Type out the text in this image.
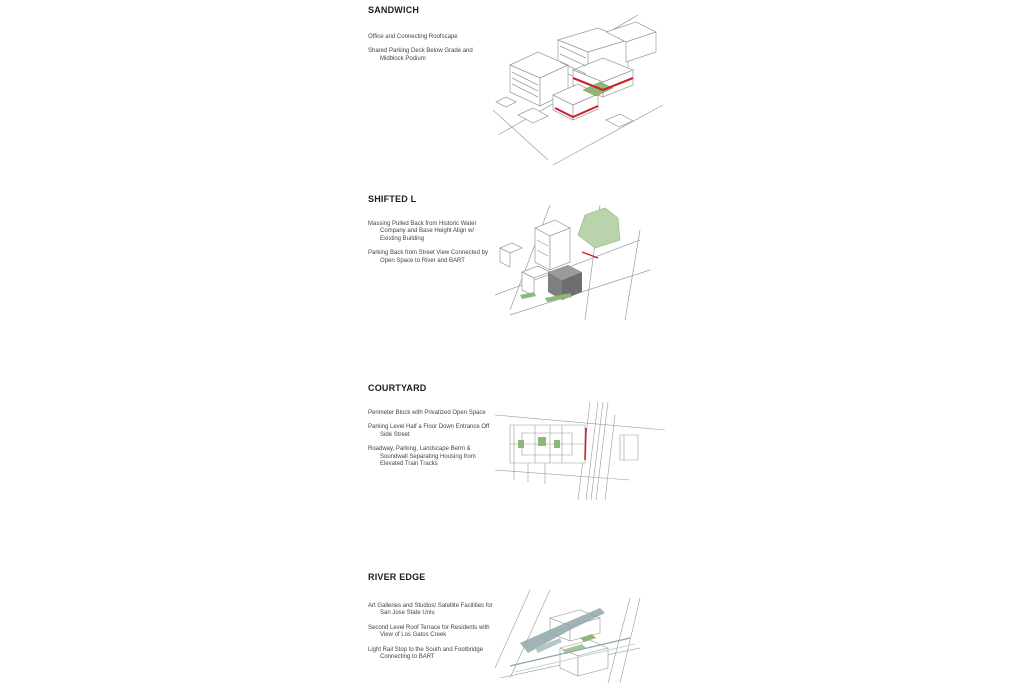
SANDWICH

Office and Connecting Roofscape

Shared Parking Deck Below Grade and Midblock Podium

SHIFTED L

Massing Pulled Back from Historic Water Company and Base Height Align w/ Existing Building

Parking Back from Street View Connected by Open Space to River and BART

COURTYARD

Perimeter Block with Privatized Open Space

Parking Level Half a Floor Down Entrance Off Side Street

Roadway, Parking, Landscape Berm & Soundwall Separating Housing from Elevated Train Tracks

RIVER EDGE

Art Galleries and Studios/ Satellite Facilities for San Jose State Univ.

Second Level Roof Terrace for Residents with View of Los Gatos Creek

Light Rail Stop to the South and Footbridge Connecting to BART
